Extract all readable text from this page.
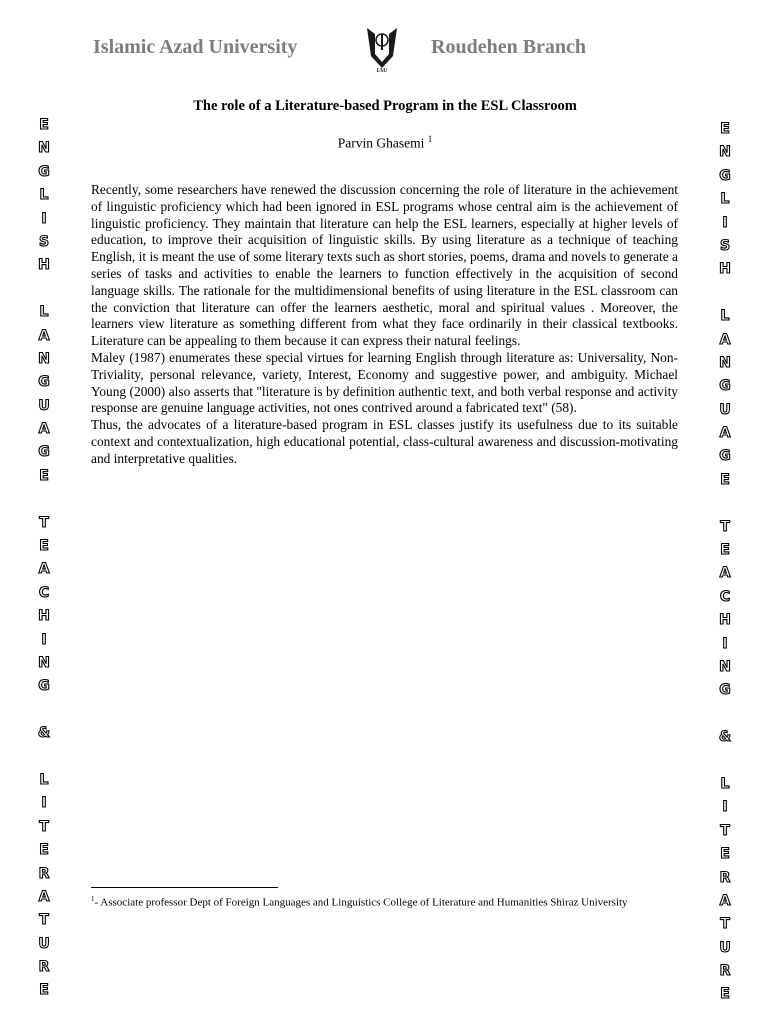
Islamic Azad University
IAU
Roudehen Branch
E
N
G
L
I
S
H

L
A
N
G
U
A
G
E

T
E
A
C
H
I
N
G

&

L
I
T
E
R
A
T
U
R
E
E
N
G
L
I
S
H

L
A
N
G
U
A
G
E

T
E
A
C
H
I
N
G

&

L
I
T
E
R
A
T
U
R
E
The role of a Literature-based Program in the ESL Classroom
Parvin Ghasemi $^1$

Recently, some researchers have renewed the discussion concerning the role of literature in the achievement of linguistic proficiency which had been ignored in ESL programs whose central aim is the achievement of linguistic proficiency. They maintain that literature can help the ESL learners, especially at higher levels of education, to improve their acquisition of linguistic skills. By using literature as a technique of teaching English, it is meant the use of some literary texts such as short stories, poems, drama and novels to generate a series of tasks and activities to enable the learners to function effectively in the acquisition of second language skills. The rationale for the multidimensional benefits of using literature in the ESL classroom can the conviction that literature can offer the learners aesthetic, moral and spiritual values . Moreover, the learners view literature as something different from what they face ordinarily in their classical textbooks. Literature can be appealing to them because it can express their natural feelings.

Maley (1987) enumerates these special virtues for learning English through literature as: Universality, Non-Triviality, personal relevance, variety, Interest, Economy and suggestive power, and ambiguity. Michael Young (2000) also asserts that "literature is by definition authentic text, and both verbal response and activity response are genuine language activities, not ones contrived around a fabricated text" (58).

Thus, the advocates of a literature-based program in ESL classes justify its usefulness due to its suitable context and contextualization, high educational potential, class-cultural awareness and discussion-motivating and interpretative qualities.

$^1$- Associate professor Dept of Foreign Languages and Linguistics College of Literature and Humanities Shiraz University
